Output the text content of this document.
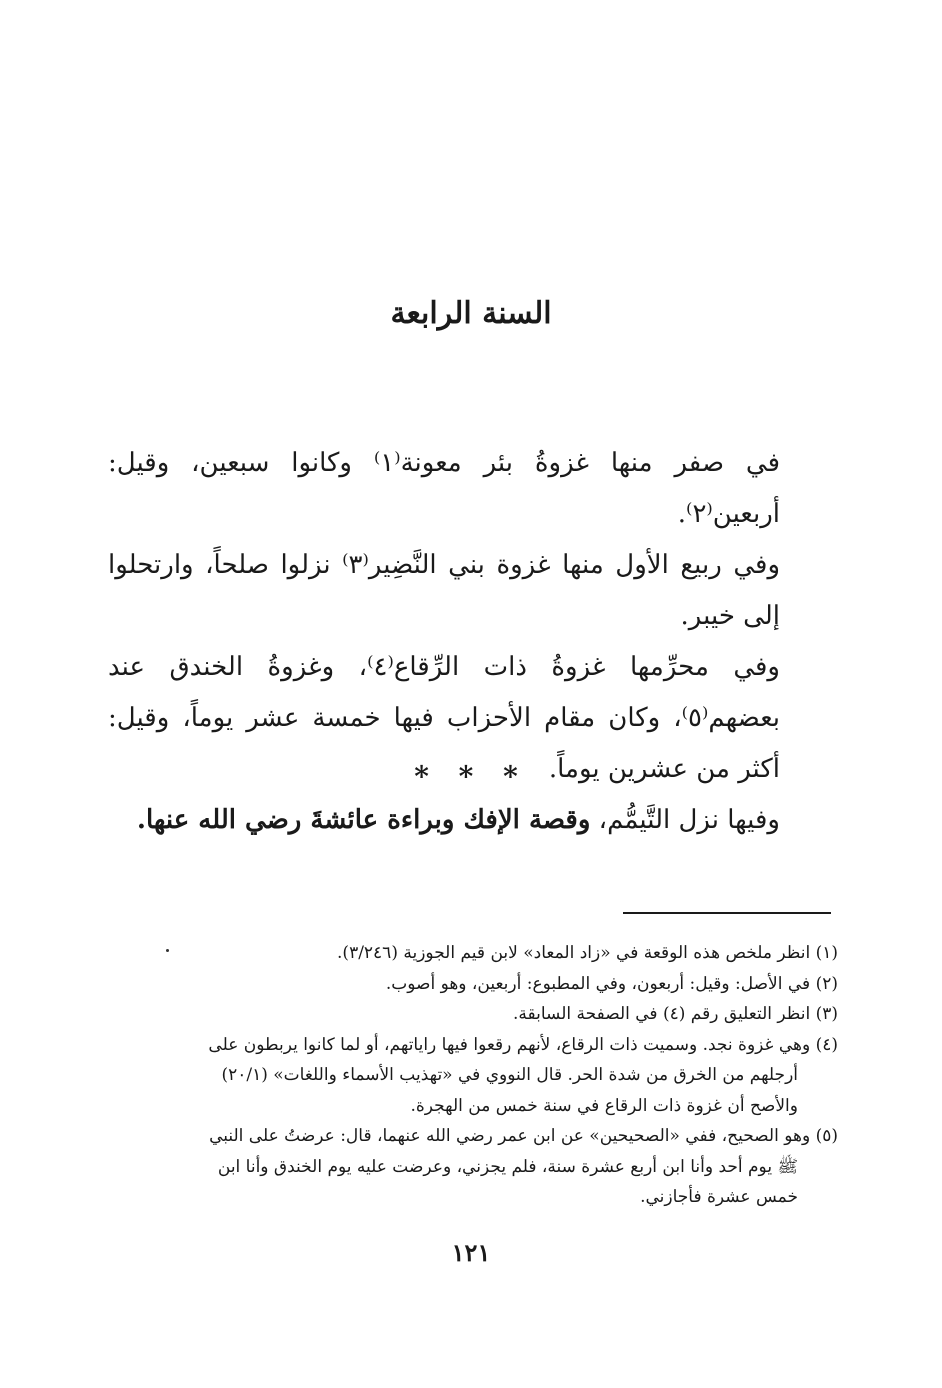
السنة الرابعة

في صفر منها غزوةُ بئر معونة⁽١⁾ وكانوا سبعين، وقيل: أربعين⁽٢⁾.

وفي ربيع الأول منها غزوة بني النَّضِير⁽٣⁾ نزلوا صلحاً، وارتحلوا إلى خيبر.

وفي محرِّمها غزوةُ ذات الرِّقاع⁽٤⁾، وغزوةُ الخندق عند بعضهم⁽٥⁾، وكان مقام الأحزاب فيها خمسة عشر يوماً، وقيل: أكثر من عشرين يوماً.

وفيها نزل التَّيمُّم، وقصة الإفك وبراءة عائشةَ رضي الله عنها.

* * *

(١) انظر ملخص هذه الوقعة في «زاد المعاد» لابن قيم الجوزية (٣/٢٤٦).

(٢) في الأصل: وقيل: أربعون، وفي المطبوع: أربعين، وهو أصوب.

(٣) انظر التعليق رقم (٤) في الصفحة السابقة.

(٤) وهي غزوة نجد. وسميت ذات الرقاع، لأنهم رقعوا فيها راياتهم، أو لما كانوا يربطون على

أرجلهم من الخرق من شدة الحر. قال النووي في «تهذيب الأسماء واللغات» (٢٠/١)

والأصح أن غزوة ذات الرقاع في سنة خمس من الهجرة.

(٥) وهو الصحيح، ففي «الصحيحين» عن ابن عمر رضي الله عنهما، قال: عرضتُ على النبي

ﷺ يوم أحد وأنا ابن أربع عشرة سنة، فلم يجزني، وعرضت عليه يوم الخندق وأنا ابن

خمس عشرة فأجازني.

١٢١
